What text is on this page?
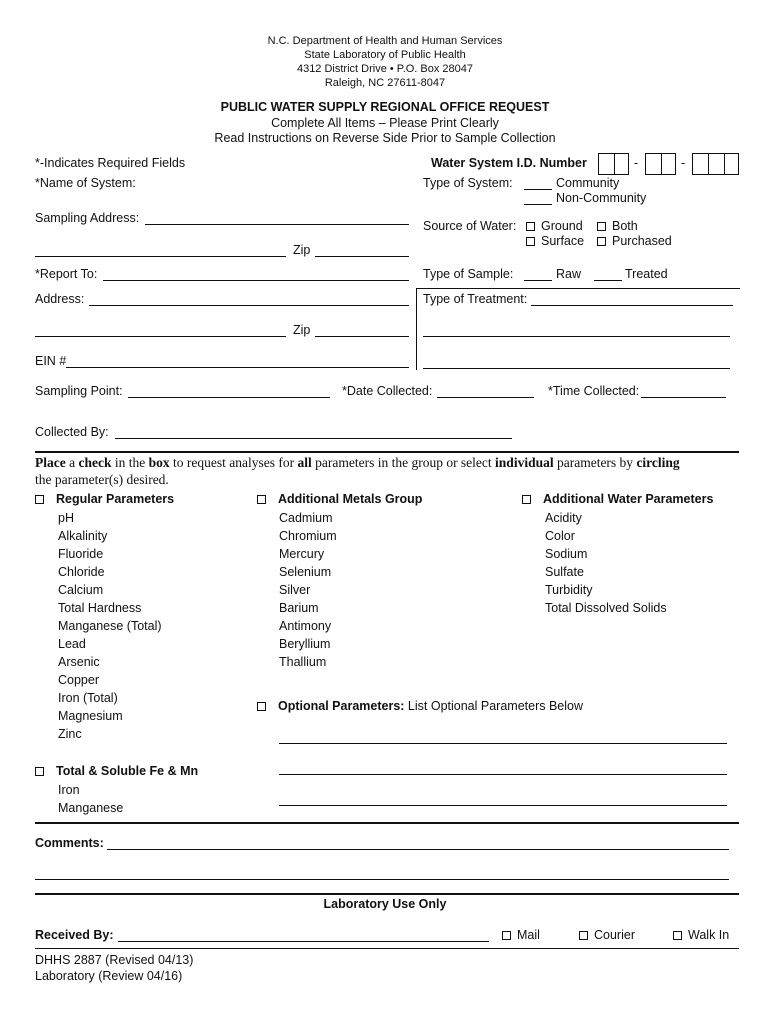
N.C. Department of Health and Human Services
State Laboratory of Public Health
4312 District Drive • P.O. Box 28047
Raleigh, NC 27611-8047
PUBLIC WATER SUPPLY REGIONAL OFFICE REQUEST
Complete All Items – Please Print Clearly
Read Instructions on Reverse Side Prior to Sample Collection
*-Indicates Required Fields	Water System I.D. Number	-	-
*Name of System:	Type of System:	Community
Non-Community
Sampling Address:
Source of Water:	Ground	Both
Surface	Purchased
Zip
*Report To:	Type of Sample:	Raw	Treated
Address:	Type of Treatment:
Zip
EIN #
Sampling Point:	*Date Collected:	*Time Collected:
Collected By:
Place a check in the box to request analyses for all parameters in the group or select individual parameters by circling
the parameter(s) desired.
Regular Parameters
pH
Alkalinity
Fluoride
Chloride
Calcium
Total Hardness
Manganese (Total)
Lead
Arsenic
Copper
Iron (Total)
Magnesium
Zinc
Additional Metals Group
Cadmium
Chromium
Mercury
Selenium
Silver
Barium
Antimony
Beryllium
Thallium
Additional Water Parameters
Acidity
Color
Sodium
Sulfate
Turbidity
Total Dissolved Solids
Optional Parameters: List Optional Parameters Below
Total & Soluble Fe & Mn
Iron
Manganese
Comments:
Laboratory Use Only
Received By:	Mail	Courier	Walk In
DHHS 2887 (Revised 04/13)
Laboratory (Review 04/16)
